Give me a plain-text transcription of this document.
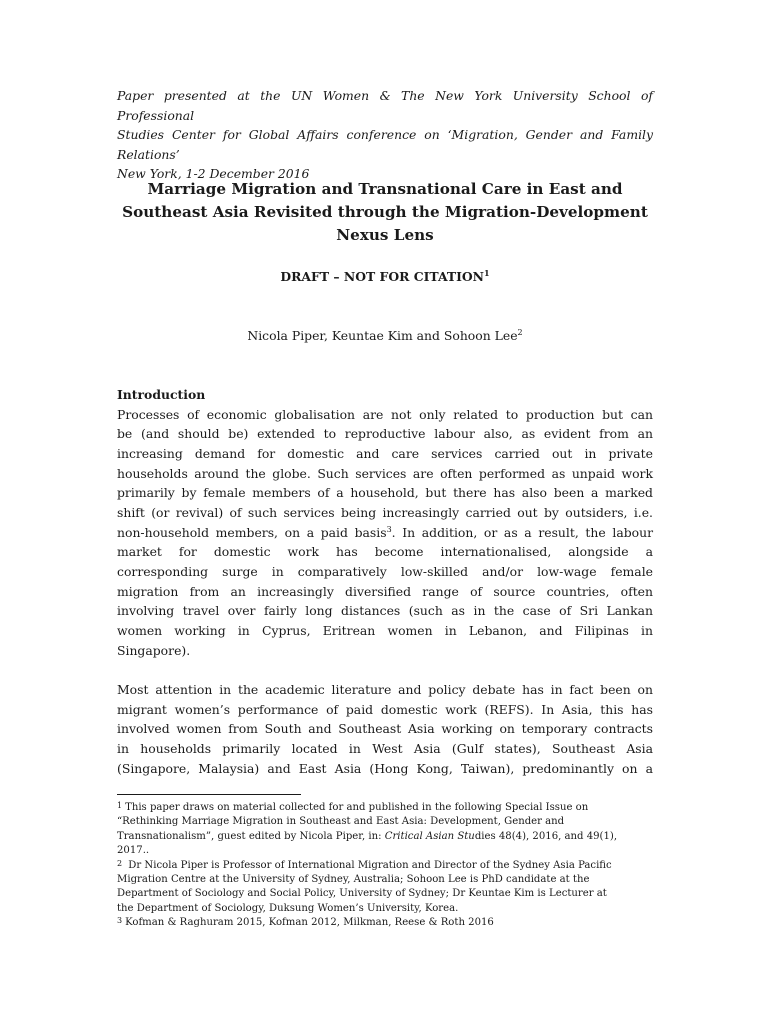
Paper presented at the UN Women & The New York University School of Professional
Studies Center for Global Affairs conference on ‘Migration, Gender and Family Relations’
New York, 1-2 December 2016
Marriage Migration and Transnational Care in East and
Southeast Asia Revisited through the Migration-Development
Nexus Lens
DRAFT – NOT FOR CITATION$^1$
Nicola Piper, Keuntae Kim and Sohoon Lee$^2$
Introduction
Processes of economic globalisation are not only related to production but can
be (and should be) extended to reproductive labour also, as evident from an
increasing demand for domestic and care services carried out in private
households around the globe. Such services are often performed as unpaid work
primarily by female members of a household, but there has also been a marked
shift (or revival) of such services being increasingly carried out by outsiders, i.e.
non-household members, on a paid basis$^3$. In addition, or as a result, the labour
market for domestic work has become internationalised, alongside a
corresponding surge in comparatively low-skilled and/or low-wage female
migration from an increasingly diversified range of source countries, often
involving travel over fairly long distances (such as in the case of Sri Lankan
women working in Cyprus, Eritrean women in Lebanon, and Filipinas in
Singapore).
Most attention in the academic literature and policy debate has in fact been on
migrant women’s performance of paid domestic work (REFS). In Asia, this has
involved women from South and Southeast Asia working on temporary contracts
in households primarily located in West Asia (Gulf states), Southeast Asia
(Singapore, Malaysia) and East Asia (Hong Kong, Taiwan), predominantly on a
$^1$ This paper draws on material collected for and published in the following Special Issue on
“Rethinking Marriage Migration in Southeast and East Asia: Development, Gender and
Transnationalism”, guest edited by Nicola Piper, in: Critical Asian Studies 48(4), 2016, and 49(1),
2017..
$^2$ Dr Nicola Piper is Professor of International Migration and Director of the Sydney Asia Pacific
Migration Centre at the University of Sydney, Australia; Sohoon Lee is PhD candidate at the
Department of Sociology and Social Policy, University of Sydney; Dr Keuntae Kim is Lecturer at
the Department of Sociology, Duksung Women’s University, Korea.
$^3$ Kofman & Raghuram 2015, Kofman 2012, Milkman, Reese & Roth 2016
